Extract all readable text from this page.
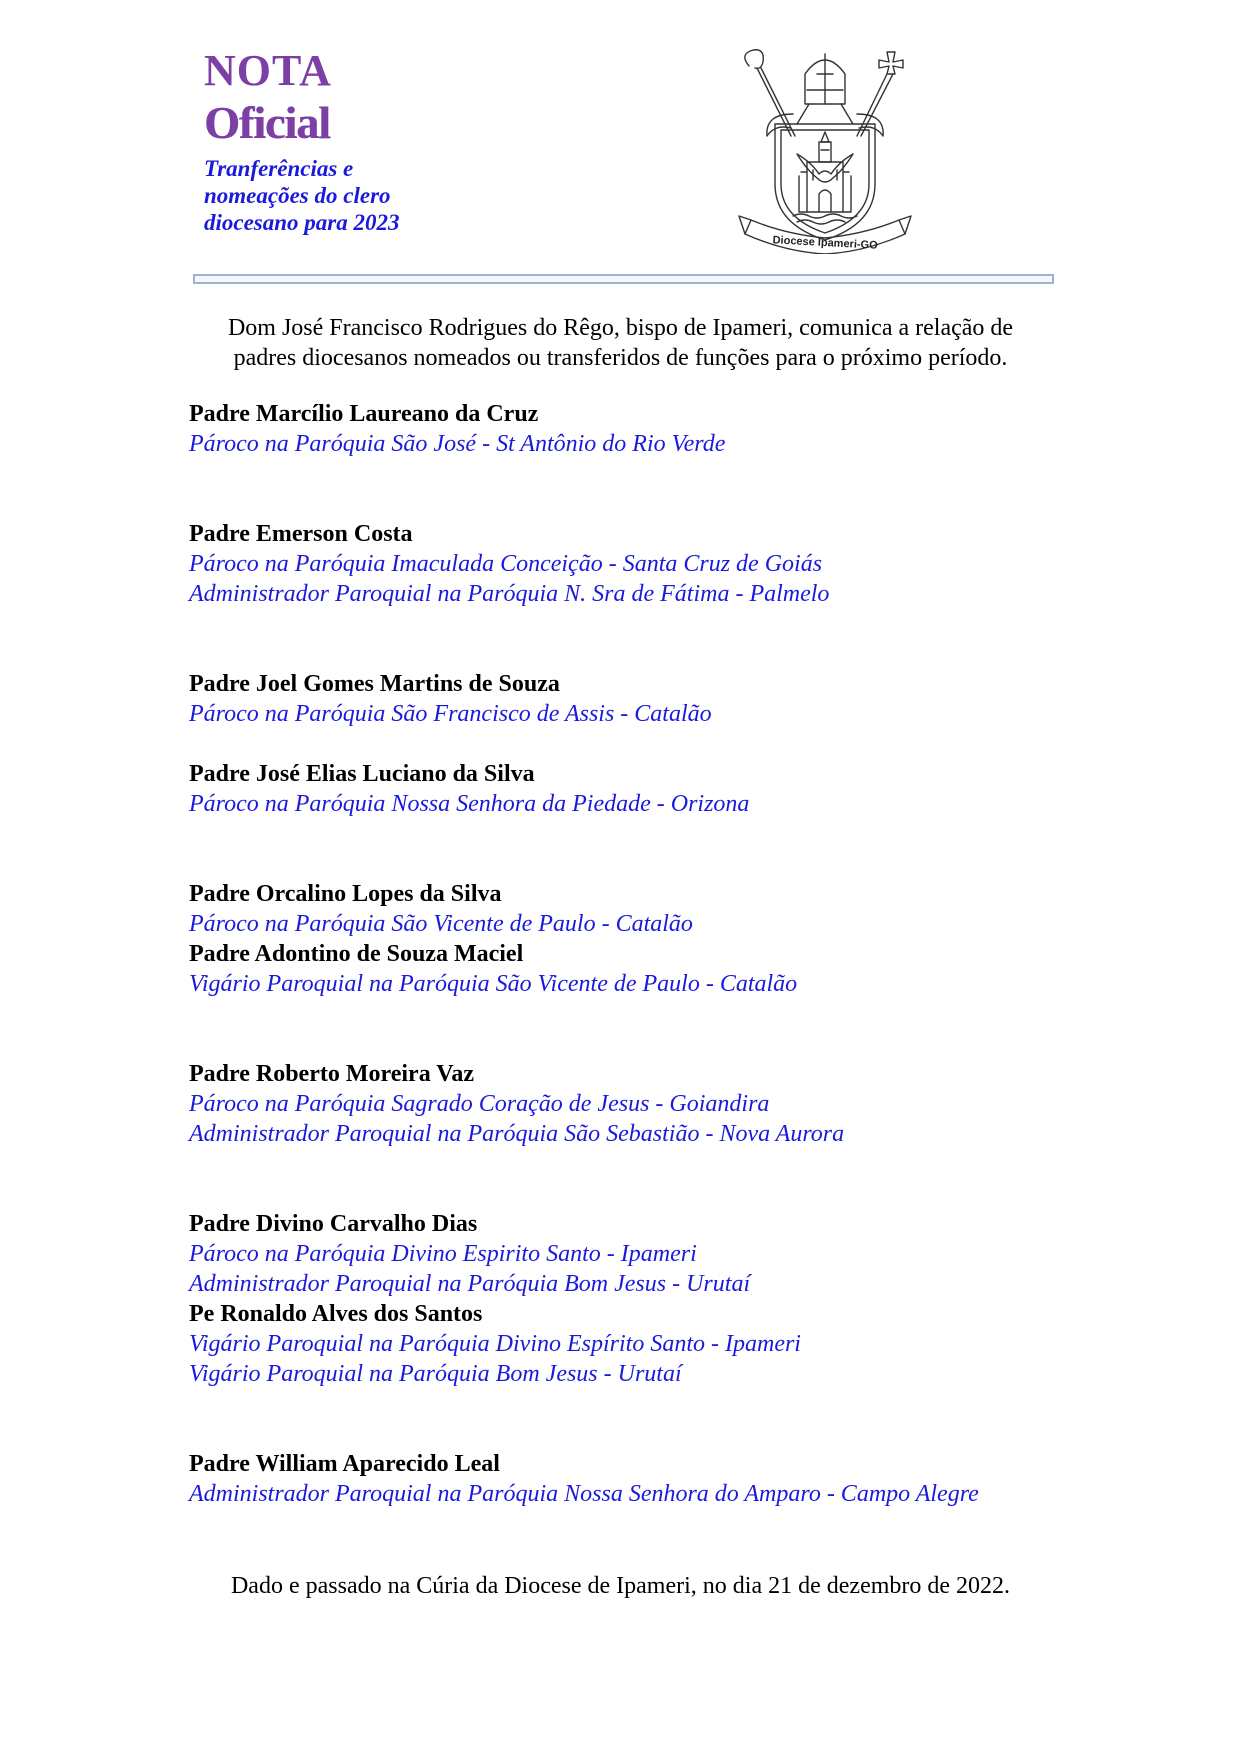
NOTA
Oficial
Tranferências e
nomeações do clero
diocesano para 2023
Diocese Ipameri-GO
Dom José Francisco Rodrigues do Rêgo, bispo de Ipameri, comunica a relação de
padres diocesanos nomeados ou transferidos de funções para o próximo período.
Padre Marcílio Laureano da Cruz
Pároco na Paróquia São José - St Antônio do Rio Verde
Padre Emerson Costa
Pároco na Paróquia Imaculada Conceição - Santa Cruz de Goiás
Administrador Paroquial na Paróquia N. Sra de Fátima - Palmelo
Padre Joel Gomes Martins de Souza
Pároco na Paróquia São Francisco de Assis - Catalão
Padre José Elias Luciano da Silva
Pároco na Paróquia Nossa Senhora da Piedade - Orizona
Padre Orcalino Lopes da Silva
Pároco na Paróquia São Vicente de Paulo - Catalão
Padre Adontino de Souza Maciel
Vigário Paroquial na Paróquia São Vicente de Paulo - Catalão
Padre Roberto Moreira Vaz
Pároco na Paróquia Sagrado Coração de Jesus - Goiandira
Administrador Paroquial na Paróquia São Sebastião - Nova Aurora
Padre Divino Carvalho Dias
Pároco na Paróquia Divino Espirito Santo - Ipameri
Administrador Paroquial na Paróquia Bom Jesus - Urutaí
Pe Ronaldo Alves dos Santos
Vigário Paroquial na Paróquia Divino Espírito Santo - Ipameri
Vigário Paroquial na Paróquia Bom Jesus - Urutaí
Padre William Aparecido Leal
Administrador Paroquial na Paróquia Nossa Senhora do Amparo - Campo Alegre
Dado e passado na Cúria da Diocese de Ipameri, no dia 21 de dezembro de 2022.
